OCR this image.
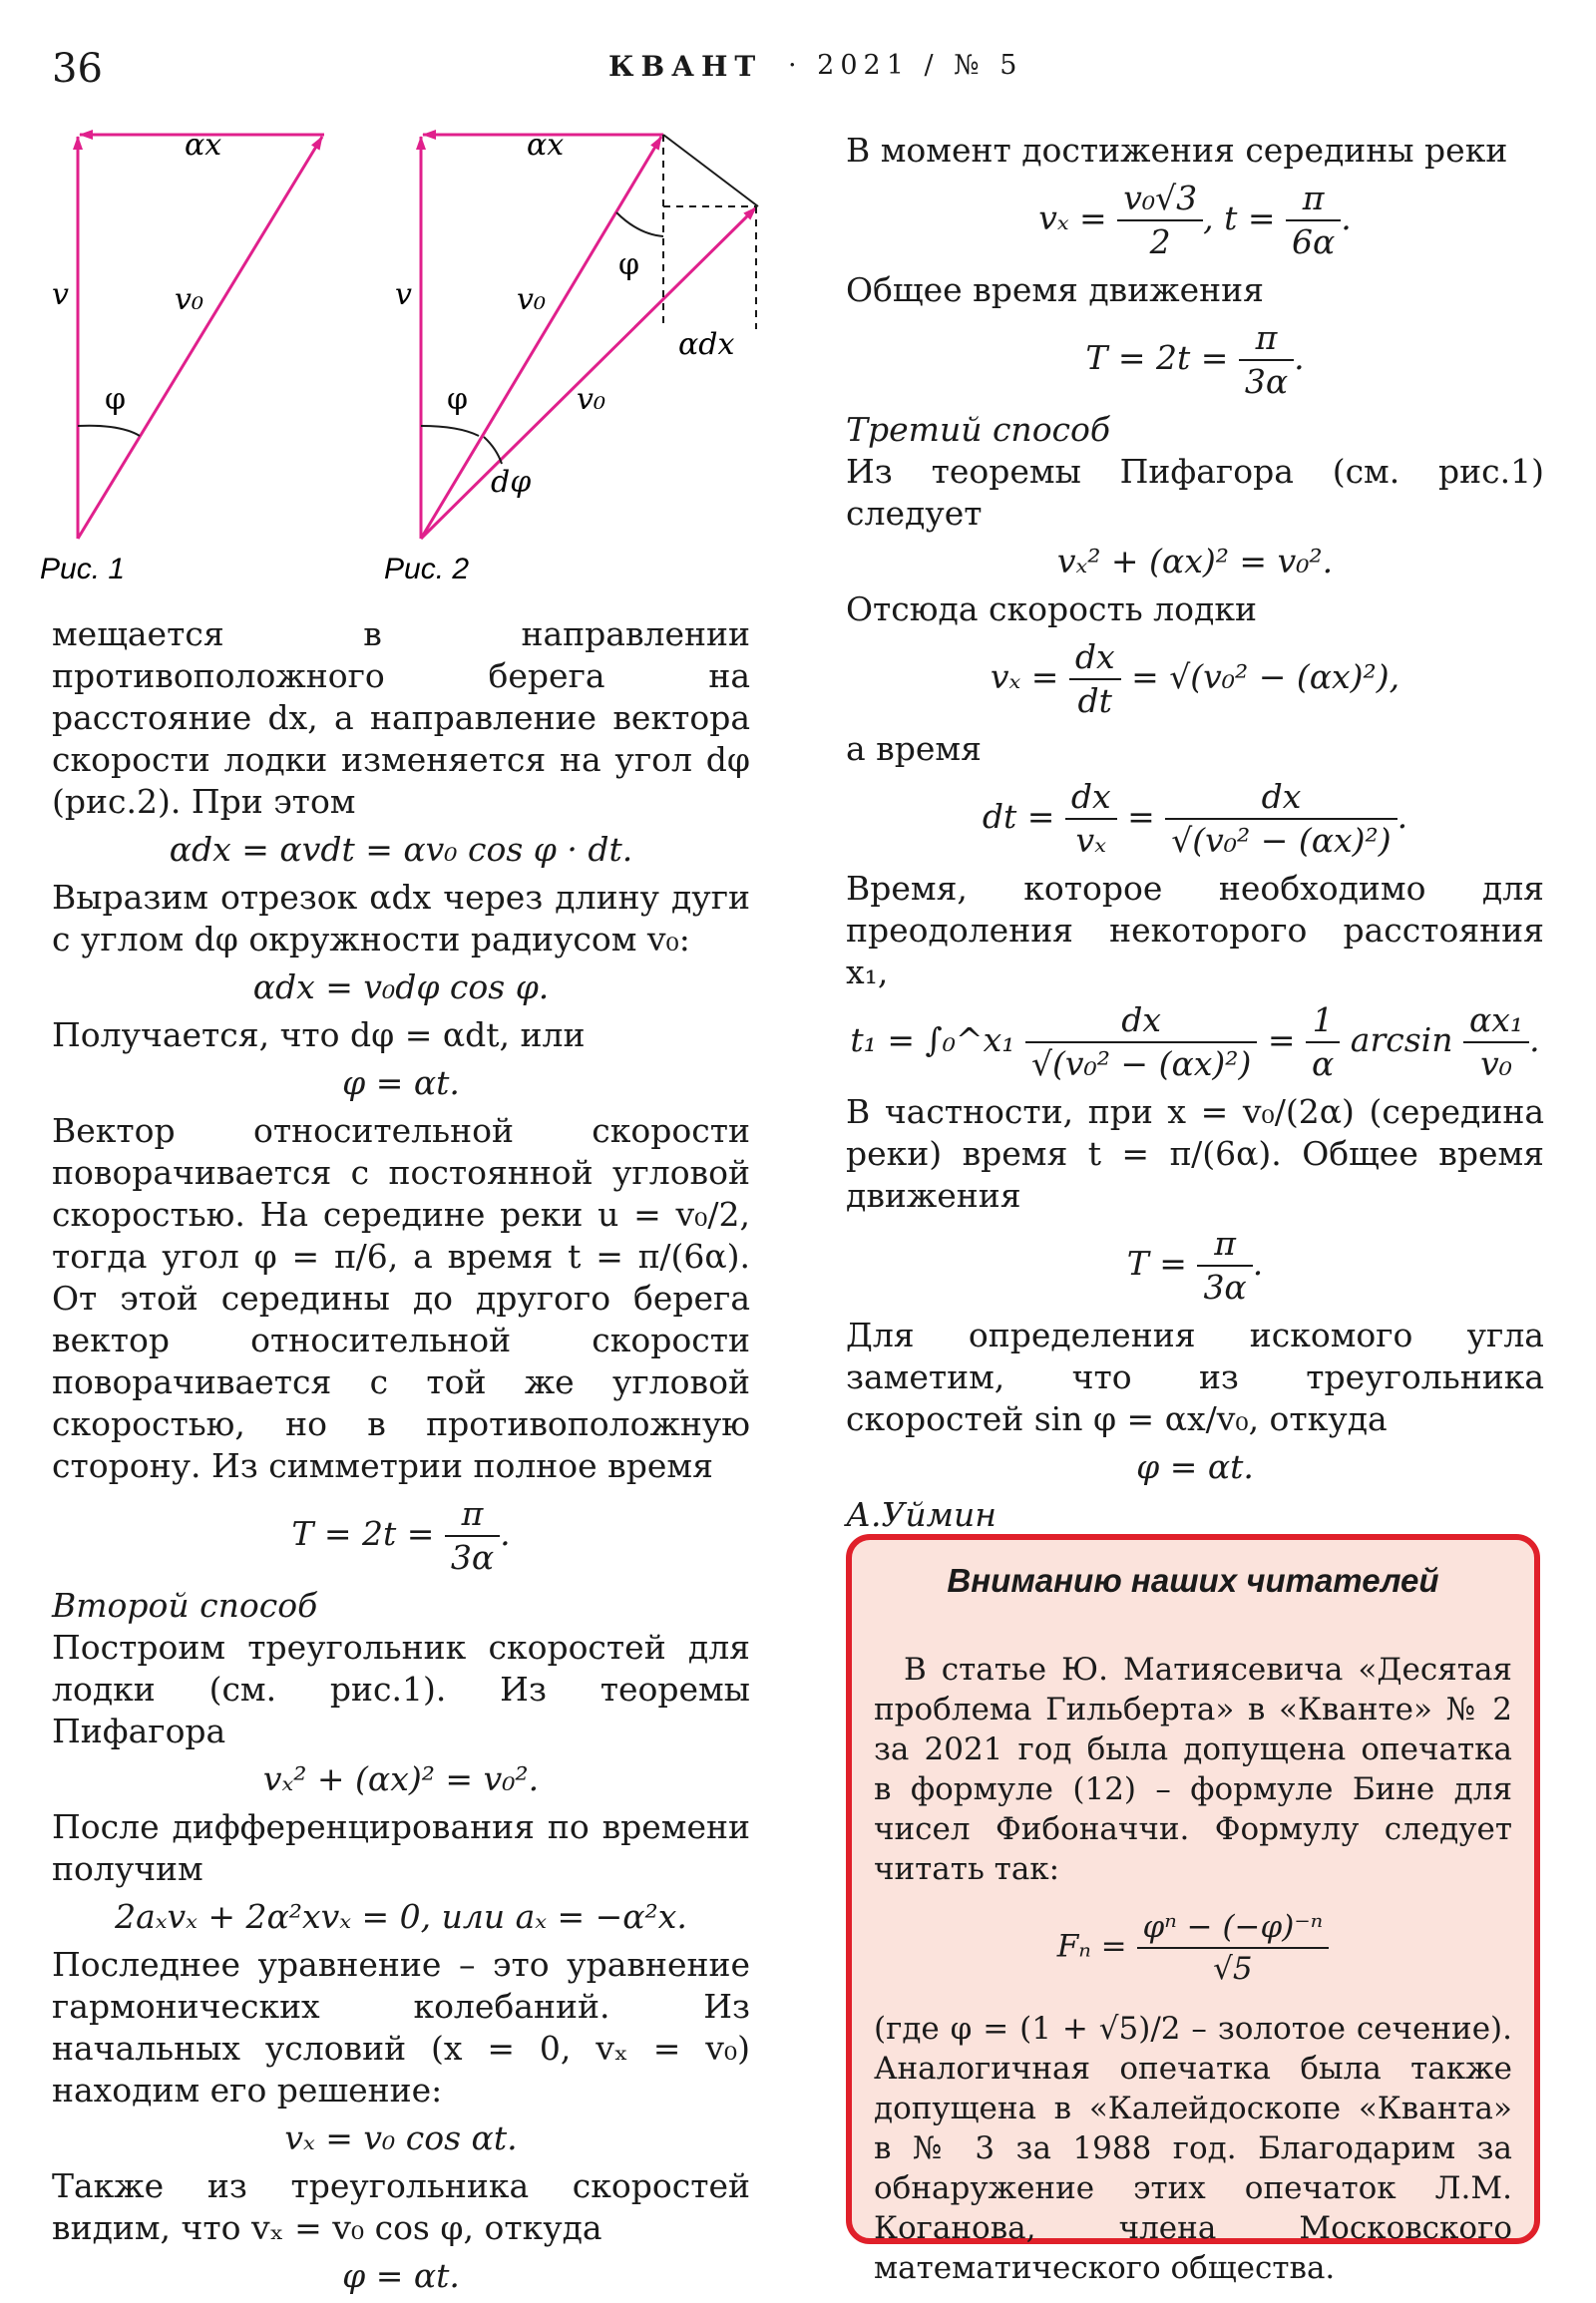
36	КВАНТ · 2021 / № 5
αx
v	v₀
φ
Рис. 1
αx
v	v₀
v₀
φ
φ
dφ
αdx
Рис. 2

мещается в направлении противоположного берега на расстояние dx, а направление вектора скорости лодки изменяется на угол dφ (рис.2). При этом

αdx = αvdt = αv₀ cos φ · dt.

Выразим отрезок αdx через длину дуги с углом dφ окружности радиусом v₀:

αdx = v₀dφ cos φ.

Получается, что dφ = αdt, или

φ = αt.

Вектор относительной скорости поворачивается с постоянной угловой скоростью. На середине реки u = v₀/2, тогда угол φ = π/6, а время t = π/(6α). От этой середины до другого берега вектор относительной скорости поворачивается с той же угловой скоростью, но в противоположную сторону. Из симметрии полное время

$T = 2t = \frac{\pi}{3\alpha}$ .
Второй способ

Построим треугольник скоростей для лодки (см. рис.1). Из теоремы Пифагора

vₓ² + (αx)² = v₀².

После дифференцирования по времени получим

2aₓvₓ + 2α²xvₓ = 0, или aₓ = −α²x.

Последнее уравнение – это уравнение гармонических колебаний. Из начальных условий (x = 0, vₓ = v₀) находим его решение:

vₓ = v₀ cos αt.

Также из треугольника скоростей видим, что vₓ = v₀ cos φ, откуда

φ = αt.

В момент достижения середины реки

$v_x = \frac{\text{v₀√3}}{2}$ , $t = \frac{\pi}{6\alpha}$ .

Общее время движения

$T = 2t = \frac{\pi}{3\alpha}$ .
Третий способ

Из теоремы Пифагора (см. рис.1) следует

vₓ² + (αx)² = v₀².

Отсюда скорость лодки

$v_x = \frac{dx}{dt} = √(v_0^2 - (\alpha x)^2)$,

а время

dt = $\frac{dx}{\text{vₓ}} = \frac{dx}{\text{√(v₀² − (αx)²)}}$ .

Время, которое необходимо для преодоления некоторого расстояния x₁,

t₁ = ∫₀^x₁ $\frac{dx}{\text{√(v₀² − (αx)²)}} = \frac{1}{\alpha}$ $\arcsin \frac{\text{αx₁}}{\text{v₀}}$ .

В частности, при x = v₀/(2α) (середина реки) время t = π/(6α). Общее время движения

$T = \frac{\pi}{3\alpha}$ .

Для определения искомого угла заметим, что из треугольника скоростей sin φ = αx/v₀, откуда

φ = αt.

А.Уймин

Вниманию наших читателей

В статье Ю. Матиясевича «Десятая проблема Гильберта» в «Кванте» № 2 за 2021 год была допущена опечатка в формуле (12) – формуле Бине для чисел Фибоначчи. Формулу следует читать так:

$F_n = \frac{\text{φⁿ − (−φ)⁻ⁿ}}{√5}$

(где φ = (1 + √5)/2 – золотое сечение). Аналогичная опечатка была также допущена в «Калейдоскопе «Кванта» в № 3 за 1988 год. Благодарим за обнаружение этих опечаток Л.М. Коганова, члена Московского математического общества.
